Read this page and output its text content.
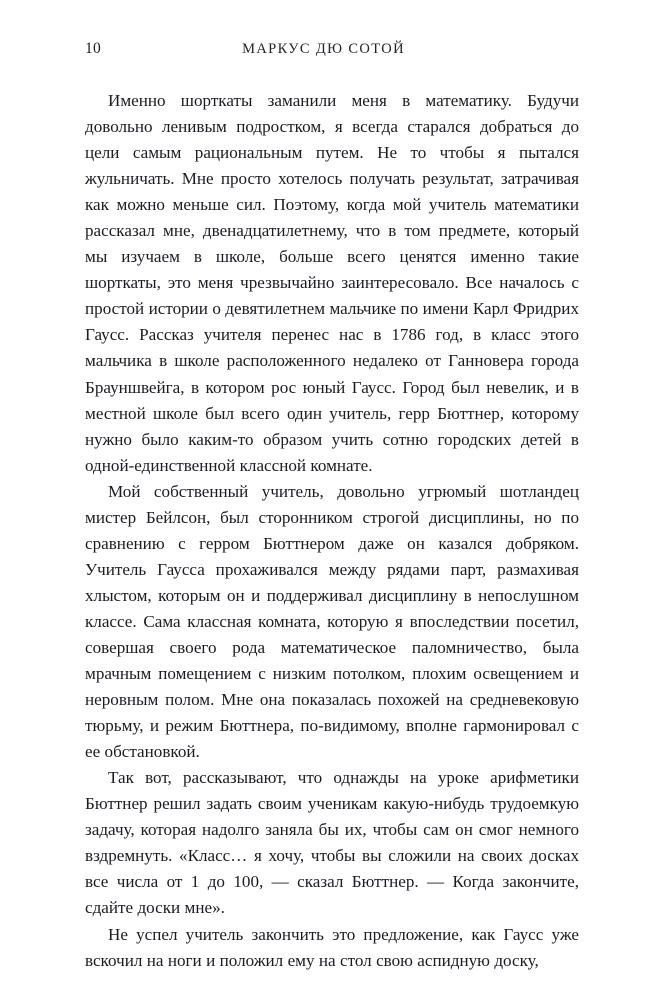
10	МАРКУС ДЮ СОТОЙ

Именно шорткаты заманили меня в математику. Будучи довольно ленивым подростком, я всегда старался добраться до цели самым рациональным путем. Не то чтобы я пытался жульничать. Мне просто хотелось получать результат, затрачивая как можно меньше сил. Поэтому, когда мой учитель математики рассказал мне, двенадцатилетнему, что в том предмете, который мы изучаем в школе, больше всего ценятся именно такие шорткаты, это меня чрезвычайно заинтересовало. Все началось с простой истории о девятилетнем мальчике по имени Карл Фридрих Гаусс. Рассказ учителя перенес нас в 1786 год, в класс этого мальчика в школе расположенного недалеко от Ганновера города Брауншвейга, в котором рос юный Гаусс. Город был невелик, и в местной школе был всего один учитель, герр Бюттнер, которому нужно было каким-то образом учить сотню городских детей в одной-единственной классной комнате.

Мой собственный учитель, довольно угрюмый шотландец мистер Бейлсон, был сторонником строгой дисциплины, но по сравнению с герром Бюттнером даже он казался добряком. Учитель Гаусса прохаживался между рядами парт, размахивая хлыстом, которым он и поддерживал дисциплину в непослушном классе. Сама классная комната, которую я впоследствии посетил, совершая своего рода математическое паломничество, была мрачным помещением с низким потолком, плохим освещением и неровным полом. Мне она показалась похожей на средневековую тюрьму, и режим Бюттнера, по-видимому, вполне гармонировал с ее обстановкой.

Так вот, рассказывают, что однажды на уроке арифметики Бюттнер решил задать своим ученикам какую-нибудь трудоемкую задачу, которая надолго заняла бы их, чтобы сам он смог немного вздремнуть. «Класс… я хочу, чтобы вы сложили на своих досках все числа от 1 до 100, — сказал Бюттнер. — Когда закончите, сдайте доски мне».

Не успел учитель закончить это предложение, как Гаусс уже вскочил на ноги и положил ему на стол свою аспидную доску,
